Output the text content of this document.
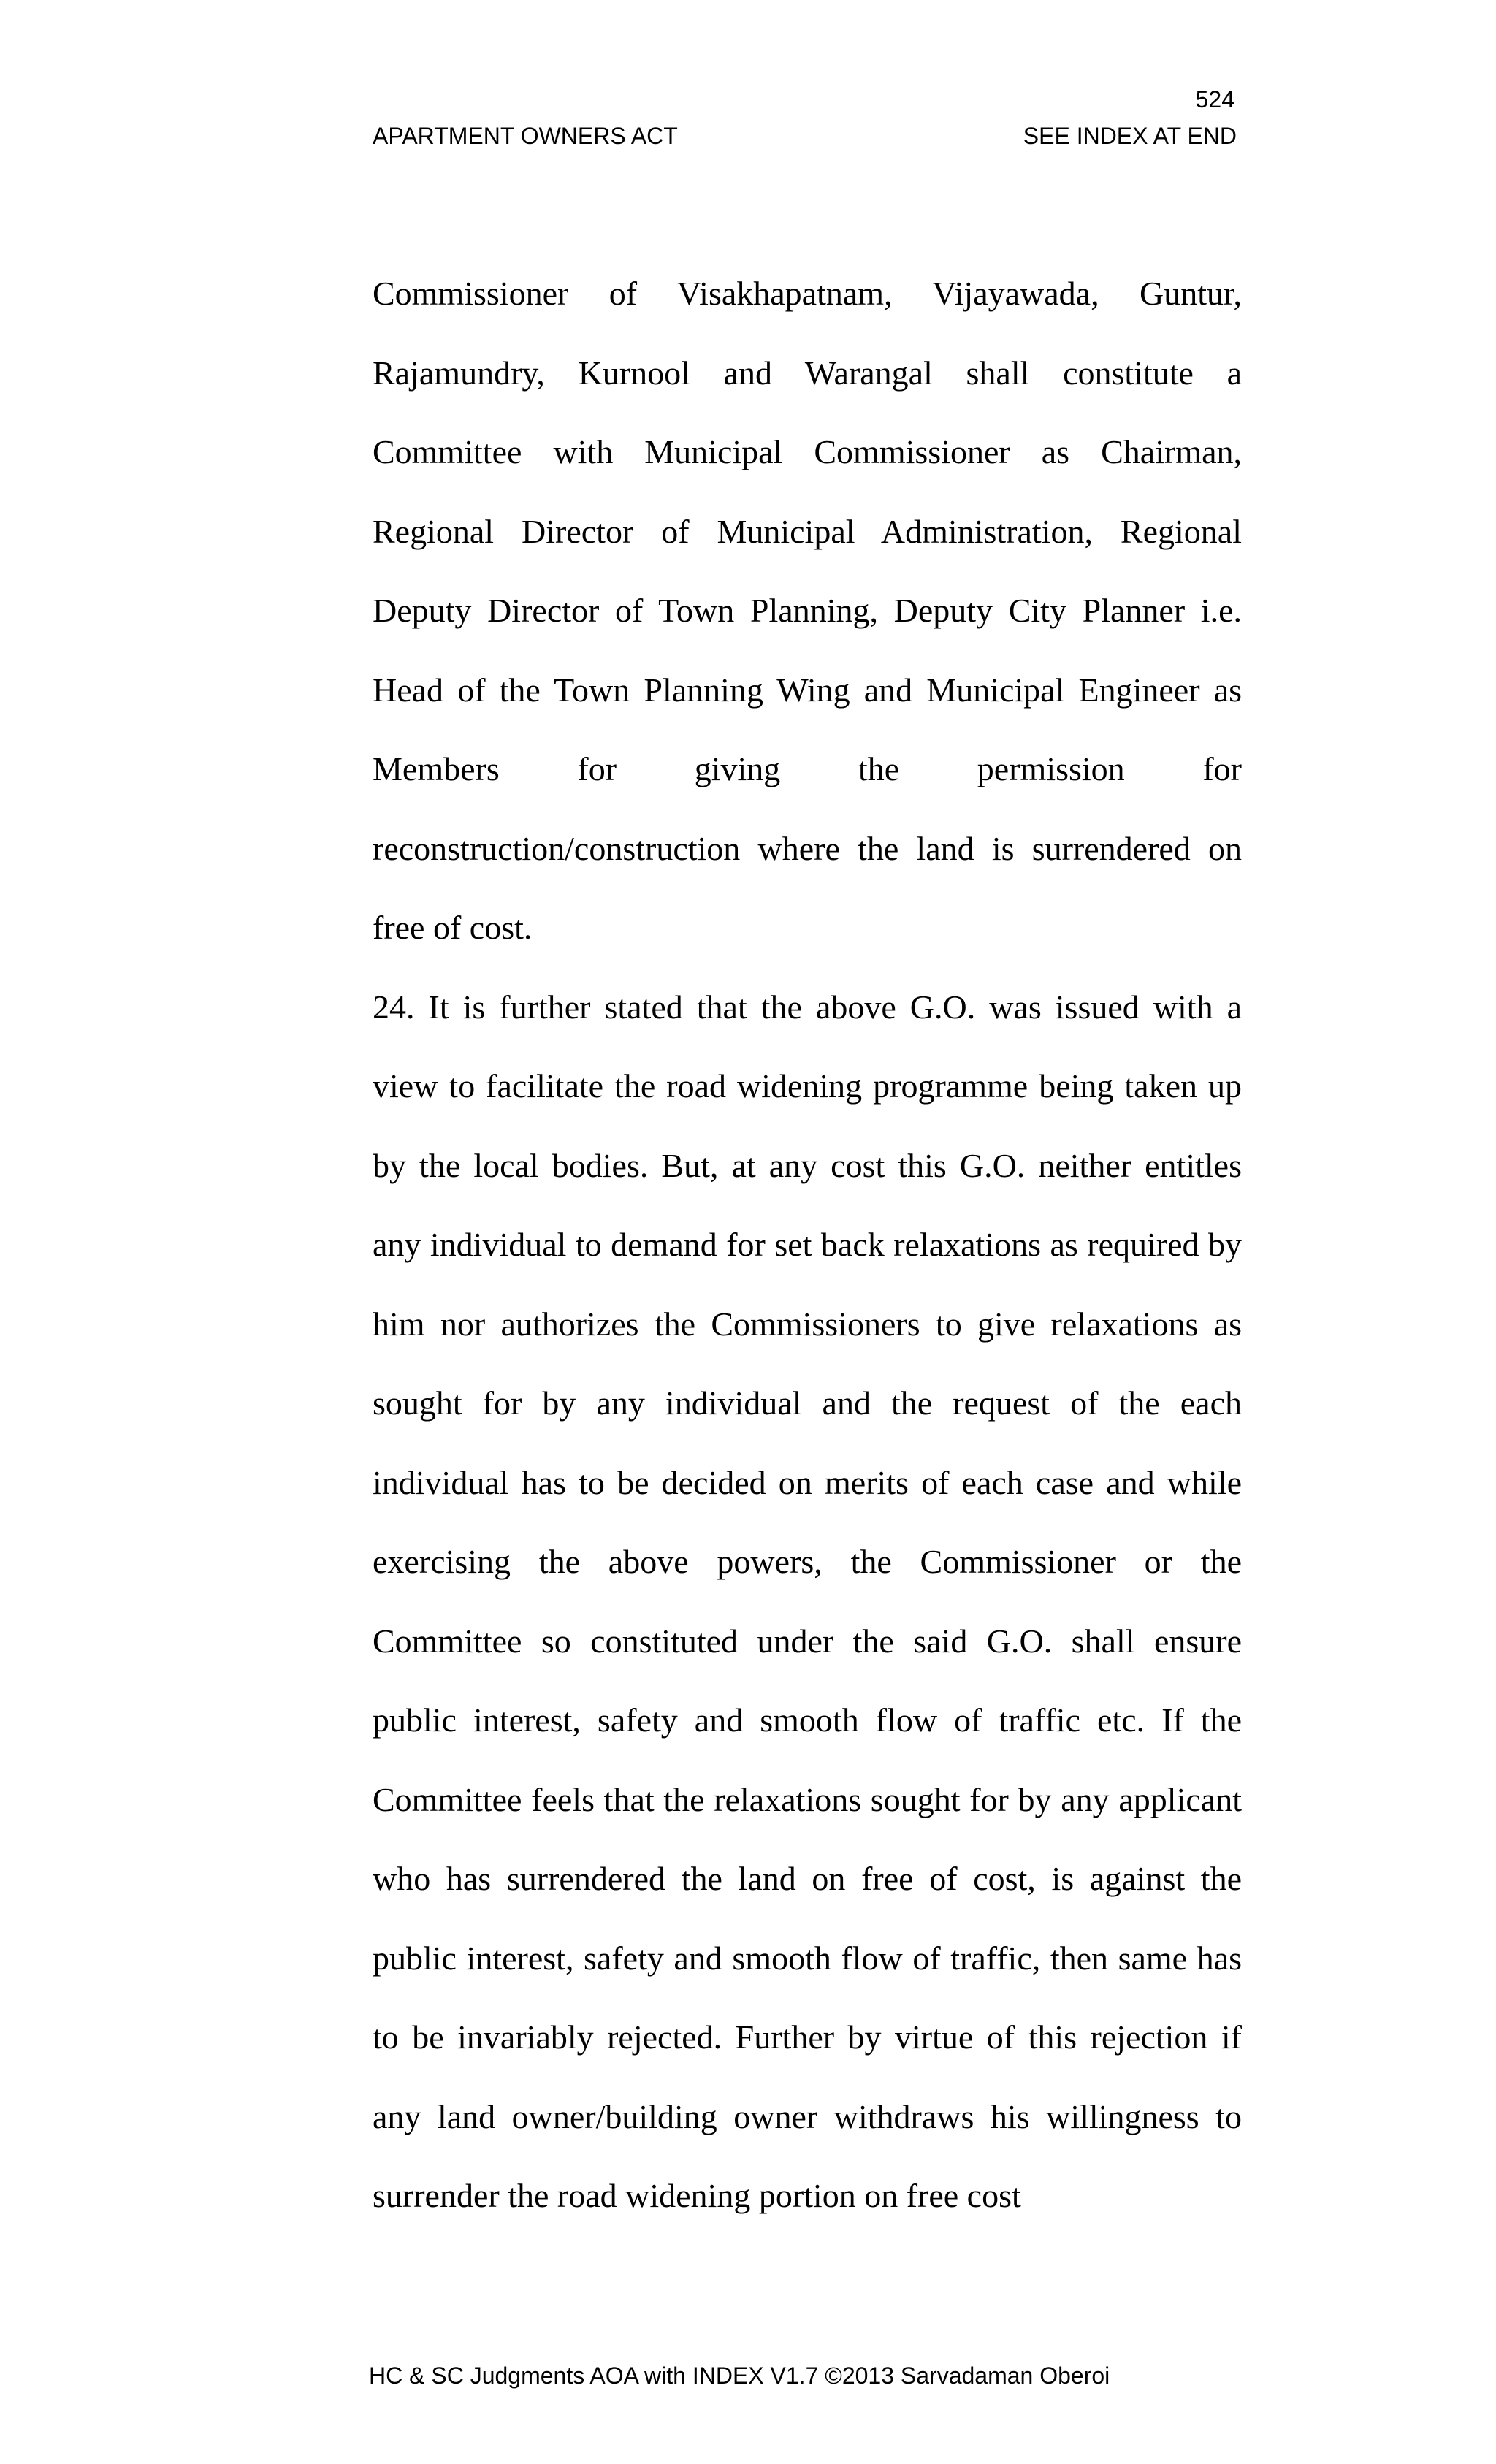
524
APARTMENT OWNERS ACT	SEE INDEX AT END

Commissioner of Visakhapatnam, Vijayawada, Guntur, Rajamundry, Kurnool and Warangal shall constitute a Committee with Municipal Commissioner as Chairman, Regional Director of Municipal Administration, Regional Deputy Director of Town Planning, Deputy City Planner i.e. Head of the Town Planning Wing and Municipal Engineer as Members for giving the permission for reconstruction/construction where the land is surrendered on free of cost.

24. It is further stated that the above G.O. was issued with a view to facilitate the road widening programme being taken up by the local bodies. But, at any cost this G.O. neither entitles any individual to demand for set back relaxations as required by him nor authorizes the Commissioners to give relaxations as sought for by any individual and the request of the each individual has to be decided on merits of each case and while exercising the above powers, the Commissioner or the Committee so constituted under the said G.O. shall ensure public interest, safety and smooth flow of traffic etc. If the Committee feels that the relaxations sought for by any applicant who has surrendered the land on free of cost, is against the public interest, safety and smooth flow of traffic, then same has to be invariably rejected. Further by virtue of this rejection if any land owner/building owner withdraws his willingness to surrender the road widening portion on free cost

HC & SC Judgments AOA with INDEX V1.7 ©2013 Sarvadaman Oberoi
